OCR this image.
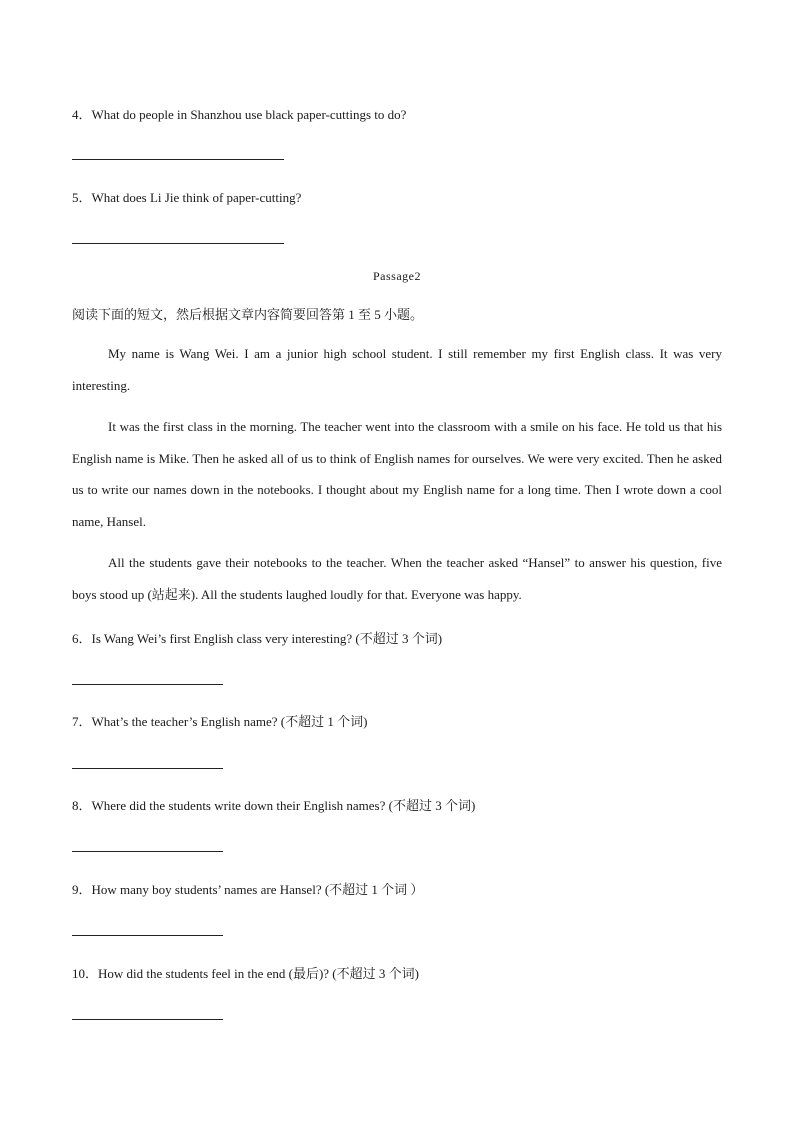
4．What do people in Shanzhou use black paper-cuttings to do?
5．What does Li Jie think of paper-cutting?
Passage2
阅读下面的短文，然后根据文章内容简要回答第 1 至 5 小题。

My name is Wang Wei. I am a junior high school student. I still remember my first English class. It was very interesting.

It was the first class in the morning. The teacher went into the classroom with a smile on his face. He told us that his English name is Mike. Then he asked all of us to think of English names for ourselves. We were very excited. Then he asked us to write our names down in the notebooks. I thought about my English name for a long time. Then I wrote down a cool name, Hansel.

All the students gave their notebooks to the teacher. When the teacher asked “Hansel” to answer his question, five boys stood up (站起来). All the students laughed loudly for that. Everyone was happy.

6．Is Wang Wei’s first English class very interesting? (不超过 3 个词)
7．What’s the teacher’s English name? (不超过 1 个词)
8．Where did the students write down their English names? (不超过 3 个词)
9．How many boy students’ names are Hansel? (不超过 1 个词 ）
10．How did the students feel in the end (最后)? (不超过 3 个词)
